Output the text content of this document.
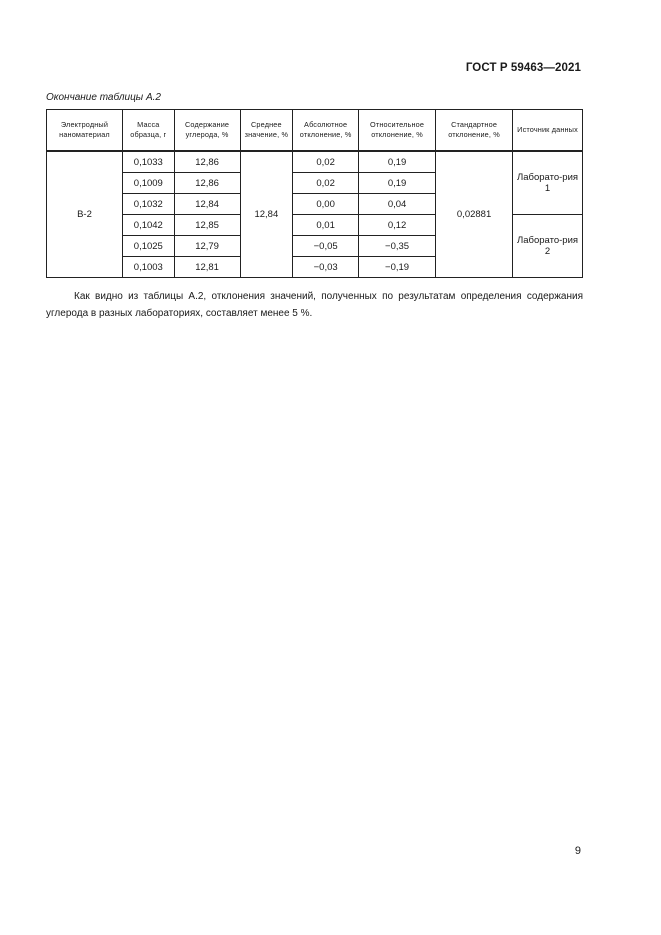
ГОСТ Р 59463—2021
Окончание таблицы А.2
Электродный наноматериал	Масса образца, г	Содержание углерода, %	Среднее значение, %	Абсолютное отклонение, %	Относительное отклонение, %	Стандартное отклонение, %	Источник данных
В-2	0,1033	12,86	12,84	0,02	0,19	0,02881	Лаборато-рия 1
	0,1009	12,86		0,02	0,19		
	0,1032	12,84		0,00	0,04		
	0,1042	12,85		0,01	0,12		Лаборато-рия 2
	0,1025	12,79		−0,05	−0,35		
	0,1003	12,81		−0,03	−0,19		

Как видно из таблицы А.2, отклонения значений, полученных по результатам определения содержания углерода в разных лабораториях, составляет менее 5 %.

9
